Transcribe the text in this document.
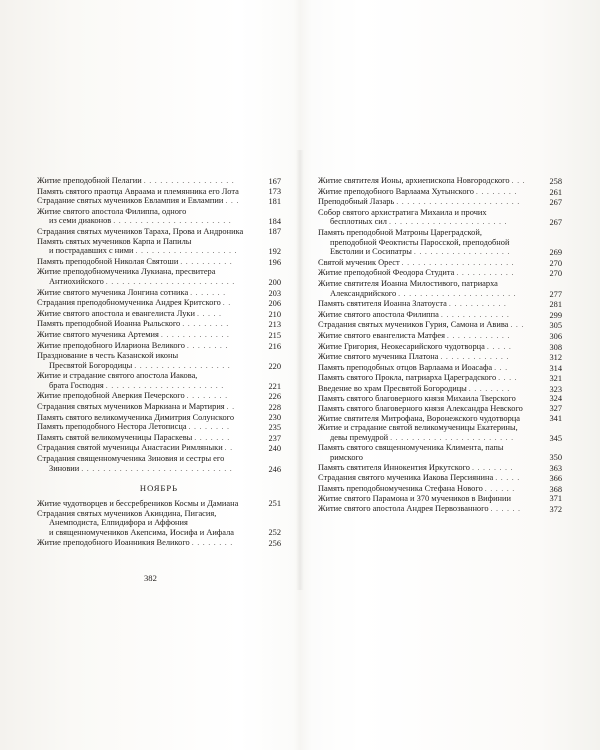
Житие преподобной Пелагии . . . . . . . . . . . . . . . . .	167
Память святого праотца Авраама и племянника его Лота	173
Страдание святых мучеников Евлампия и Евлампии . . .	181
Житие святого апостола Филиппа, одного
из семи диаконов . . . . . . . . . . . . . . . . . . . . . .	184
Страдания святых мучеников Тараха, Прова и Андроника	187
Память святых мучеников Карпа и Папилы
и пострадавших с ними . . . . . . . . . . . . . . . . . . .	192
Память преподобной Николая Святоши . . . . . . . . . .	196
Житие преподобномученика Лукиана, пресвитера
Антиохийского . . . . . . . . . . . . . . . . . . . . . . . .	200
Житие святого мученика Лонгина сотника . . . . . . .	203
Страдания преподобномученика Андрея Критского . .	206
Житие святого апостола и евангелиста Луки . . . . .	210
Память преподобной Иоанна Рыльского . . . . . . . . .	213
Житие святого мученика Артемия . . . . . . . . . . . . .	215
Житие преподобного Илариона Великого . . . . . . . .	216
Празднование в честь Казанской иконы
Пресвятой Богородицы . . . . . . . . . . . . . . . . . .	220
Житие и страдание святого апостола Иакова,
брата Господня . . . . . . . . . . . . . . . . . . . . . .	221
Житие преподобной Аверкия Печерского . . . . . . . .	226
Страдания святых мучеников Маркиана и Мартирия . .	228
Память святого великомученика Димитрия Солунского	230
Память преподобного Нестора Летописца . . . . . . . .	235
Память святой великомученицы Параскевы . . . . . . .	237
Страдания святой мученицы Анастасии Римляныки . .	240
Страдания священномученика Зиновия и сестры его
Зиновии . . . . . . . . . . . . . . . . . . . . . . . . . . . .	246
НОЯБРЬ
Житие чудотворцев и бессребреников Космы и Дамиана	251
Страдания святых мучеников Акиндина, Пигасия,
Анемподиста, Елпидифора и Аффония
и священномучеников Акепсима, Иосифа и Аифала	252
Житие преподобного Иоанникия Великого . . . . . . . .	256
Житие святителя Ионы, архиепископа Новгородского . . .	258
Житие преподобного Варлаама Хутынского . . . . . . . .	261
Преподобный Лазарь . . . . . . . . . . . . . . . . . . . . . . .	267
Собор святого архистратига Михаила и прочих
бесплотных сил . . . . . . . . . . . . . . . . . . . . . .	267
Память преподобной Матроны Цареградской,
преподобной Феоктисты Паросской, преподобной
Евстолии и Сосипатры . . . . . . . . . . . . . . . . . .	269
Святой мученик Орест . . . . . . . . . . . . . . . . . . . . .	270
Житие преподобной Феодора Студита . . . . . . . . . . .	270
Житие святителя Иоанна Милостивого, патриарха
Александрийского . . . . . . . . . . . . . . . . . . . . . .	277
Память святителя Иоанна Златоуста . . . . . . . . . . .	281
Житие святого апостола Филиппа . . . . . . . . . . . . .	299
Страдания святых мучеников Гурия, Самона и Авива . . .	305
Житие святого евангелиста Матфея . . . . . . . . . . . .	306
Житие Григория, Неокесарийского чудотворца . . . . .	308
Житие святого мученика Платона . . . . . . . . . . . . .	312
Память преподобных отцов Варлаама и Иоасафа . . .	314
Память святого Прокла, патриарха Цареградского . . . .	321
Введение во храм Пресвятой Богородицы . . . . . . . .	323
Память святого благоверного князя Михаила Тверского	324
Память святого благоверного князя Александра Невского	327
Житие святителя Митрофана, Воронежского чудотворца	341
Житие и страдание святой великомученицы Екатерины,
девы премудрой . . . . . . . . . . . . . . . . . . . . . . .	345
Память святого священномученика Климента, папы римского	350
Память святителя Иннокентия Иркутского . . . . . . . .	363
Страдания святого мученика Иакова Персиянина . . . . .	366
Память преподобномученика Стефана Нового . . . . . .	368
Житие святого Парамона и 370 мучеников в Вифинии	371
Житие святого апостола Андрея Первозванного . . . . . .	372
382
